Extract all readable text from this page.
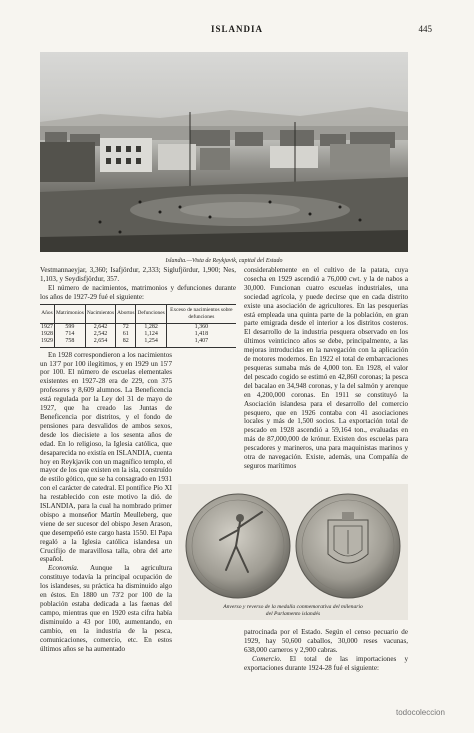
ISLANDIA	445
Islandia.—Vista de Reykjavik, capital del Estado

Vestmannaeyjar, 3,360; Isafjördur, 2,333; Siglufjördur, 1,900; Nes, 1,103, y Seydisfjördur, 357.

El número de nacimientos, matrimonios y defunciones durante los años de 1927-29 fué el siguiente:

Años	Matrimonios	Nacimientos	Abortos	Defunciones	Exceso de nacimientos sobre defunciones
1927	599	2,642	72	1,282	1,360
1928	714	2,542	61	1,124	1,418
1929	758	2,654	82	1,254	1,407

En 1928 correspondieron a los nacimientos un 13'7 por 100 ilegítimos, y en 1929 un 15'7 por 100. El número de escuelas elementales existentes en 1927-28 era de 229, con 375 profesores y 8,609 alumnos. La Beneficencia está regulada por la Ley del 31 de mayo de 1927, que ha creado las Juntas de Beneficencia por distritos, y el fondo de pensiones para desvalidos de ambos sexos, desde los diecisiete a los sesenta años de edad. En lo religioso, la Iglesia católica, que desaparecida no existía en ISLANDIA, cuenta hoy en Reykjavik con un magnífico templo, el mayor de los que existen en la isla, construído de estilo gótico, que se ha consagrado en 1931 con el carácter de catedral. El pontífice Pío XI ha restablecido con este motivo la dió. de ISLANDIA, para la cual ha nombrado primer obispo a monseñor Martín Meulleberg, que viene de ser sucesor del obispo Jesen Arason, que desempeñó este cargo hasta 1550. El Papa regaló a la Iglesia católica islandesa un Crucifijo de maravillosa talla, obra del arte español.

Economía. Aunque la agricultura constituye todavía la principal ocupación de los islandeses, su práctica ha disminuido algo en éstos. En 1880 un 73'2 por 100 de la población estaba dedicada a las faenas del campo, mientras que en 1920 esta cifra había disminuído a 43 por 100, aumentando, en cambio, en la industria de la pesca, comunicaciones, comercio, etc. En estos últimos años se ha aumentado

considerablemente en el cultivo de la patata, cuya cosecha en 1929 ascendió a 76,000 cwt. y la de nabos a 30,000. Funcionan cuatro escuelas industriales, una sociedad agrícola, y puede decirse que en cada distrito existe una asociación de agricultores. En las pesquerías está empleada una quinta parte de la población, en gran parte emigrada desde el interior a los distritos costeros. El desarrollo de la industria pesquera observado en los últimos veinticinco años se debe, principalmente, a las mejoras introducidas en la navegación con la aplicación de motores modernos. En 1922 el total de embarcaciones pesqueras sumaba más de 4,000 ton. En 1928, el valor del pescado cogido se estimó en 42,860 coronas; la pesca del bacalao en 34,948 coronas, y la del salmón y arenque en 4,200,000 coronas. En 1911 se constituyó la Asociación islandesa para el desarrollo del comercio pesquero, que en 1926 contaba con 41 asociaciones locales y más de 1,500 socios. La exportación total de pescado en 1928 ascendió a 59,164 ton., evaluadas en más de 87,000,000 de krónur. Existen dos escuelas para pescadores y marineros, una para maquinistas marinos y otra de navegación. Existe, además, una Compañía de seguros marítimos

Anverso y reverso de la medalla conmemorativa del milenario
del Parlamento islandés

patrocinada por el Estado. Según el censo pecuario de 1929, hay 50,600 caballos, 30,000 reses vacunas, 638,000 carneros y 2,900 cabras.

Comercio. El total de las importaciones y exportaciones durante 1924-28 fué el siguiente:

todocoleccion
